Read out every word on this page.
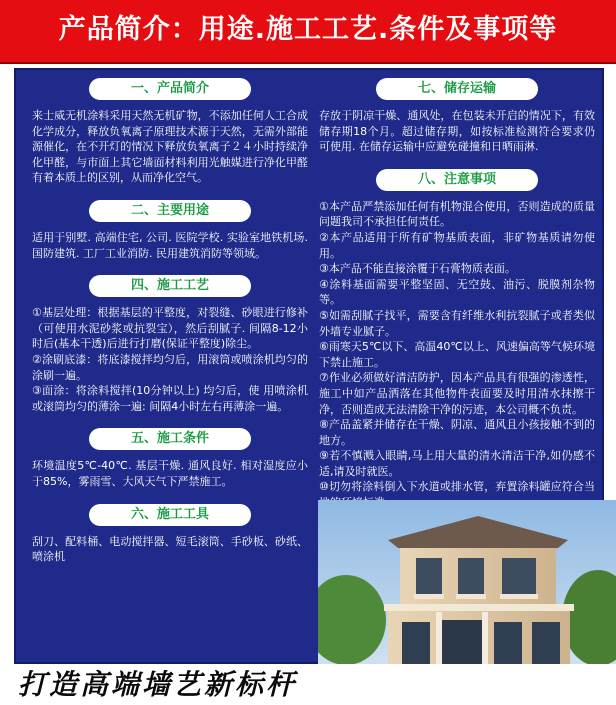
产品简介：用途.施工工艺.条件及事项等
一、产品简介

来士威无机涂料采用天然无机矿物，不添加任何人工合成化学成分，释放负氧离子原理技术源于天然，无需外部能源催化，在不开灯的情况下释放负氧离子２４小时持续净化甲醛，与市面上其它墙面材料利用光触媒进行净化甲醛有着本质上的区别，从而净化空气。

二、主要用途

适用于别墅. 高端住宅, 公司. 医院学校. 实验室地铁机场. 国防建筑. 工厂工业消防. 民用建筑消防等领域。

四、施工工艺

①基层处理：根据基层的平整度，对裂缝、砂眼进行修补（可使用水泥砂浆或抗裂宝），然后刮腻子. 间隔8-12小时后(基本干透)后进行打磨(保证平整度)除尘。
②涂刷底漆：将底漆搅拌均匀后，用滚筒或喷涂机均匀的涂刷一遍。
③面涂：将涂料搅拌(10分钟以上) 均匀后，使 用喷涂机或滚筒均匀的薄涂一遍: 间隔4小时左右再薄涂一遍。

五、施工条件

环境温度5℃-40℃. 基层干燥. 通风良好. 相对湿度应小于85%，雾雨雪、大风天气下严禁施工。

六、施工工具

刮刀、配料桶、电动搅拌器、短毛滚筒、手砂板、砂纸、喷涂机

七、储存运输

存放于阴凉干燥、通风处，在包装未开启的情况下，有效储存期18个月。超过储存期，如按标准检测符合要求仍可使用. 在储存运输中应避免碰撞和日晒雨淋.

八、注意事项

①本产品严禁添加任何有机物混合使用，否则造成的质量问题我司不承担任何责任。
②本产品适用于所有矿物基质表面，非矿物基质请勿使用。
③本产品不能直接涂覆于石膏物质表面。
④涂料基面需要平整坚固、无空鼓、油污、脱膜剂杂物等。
⑤如需刮腻子找平，需要含有纤维水利抗裂腻子或者类似外墙专业腻子。
⑥雨寒天5℃以下、高温40℃以上、风速偏高等气候环境下禁止施工。
⑦作业必须做好清洁防护，因本产品具有很强的渗透性，施工中如产品洒落在其他物件表面要及时用清水抹擦干净，否则造成无法清除干净的污迹，本公司概不负责。
⑧产品盖紧并储存在干燥、阴凉、通风且小孩接触不到的地方。
⑨若不慎溅入眼睛,马上用大量的清水清洁干净,如仍感不适,请及时就医。
⑩切勿将涂料倒入下水道或排水管，弃置涂料罐应符合当

打造高端墙艺新标杆
